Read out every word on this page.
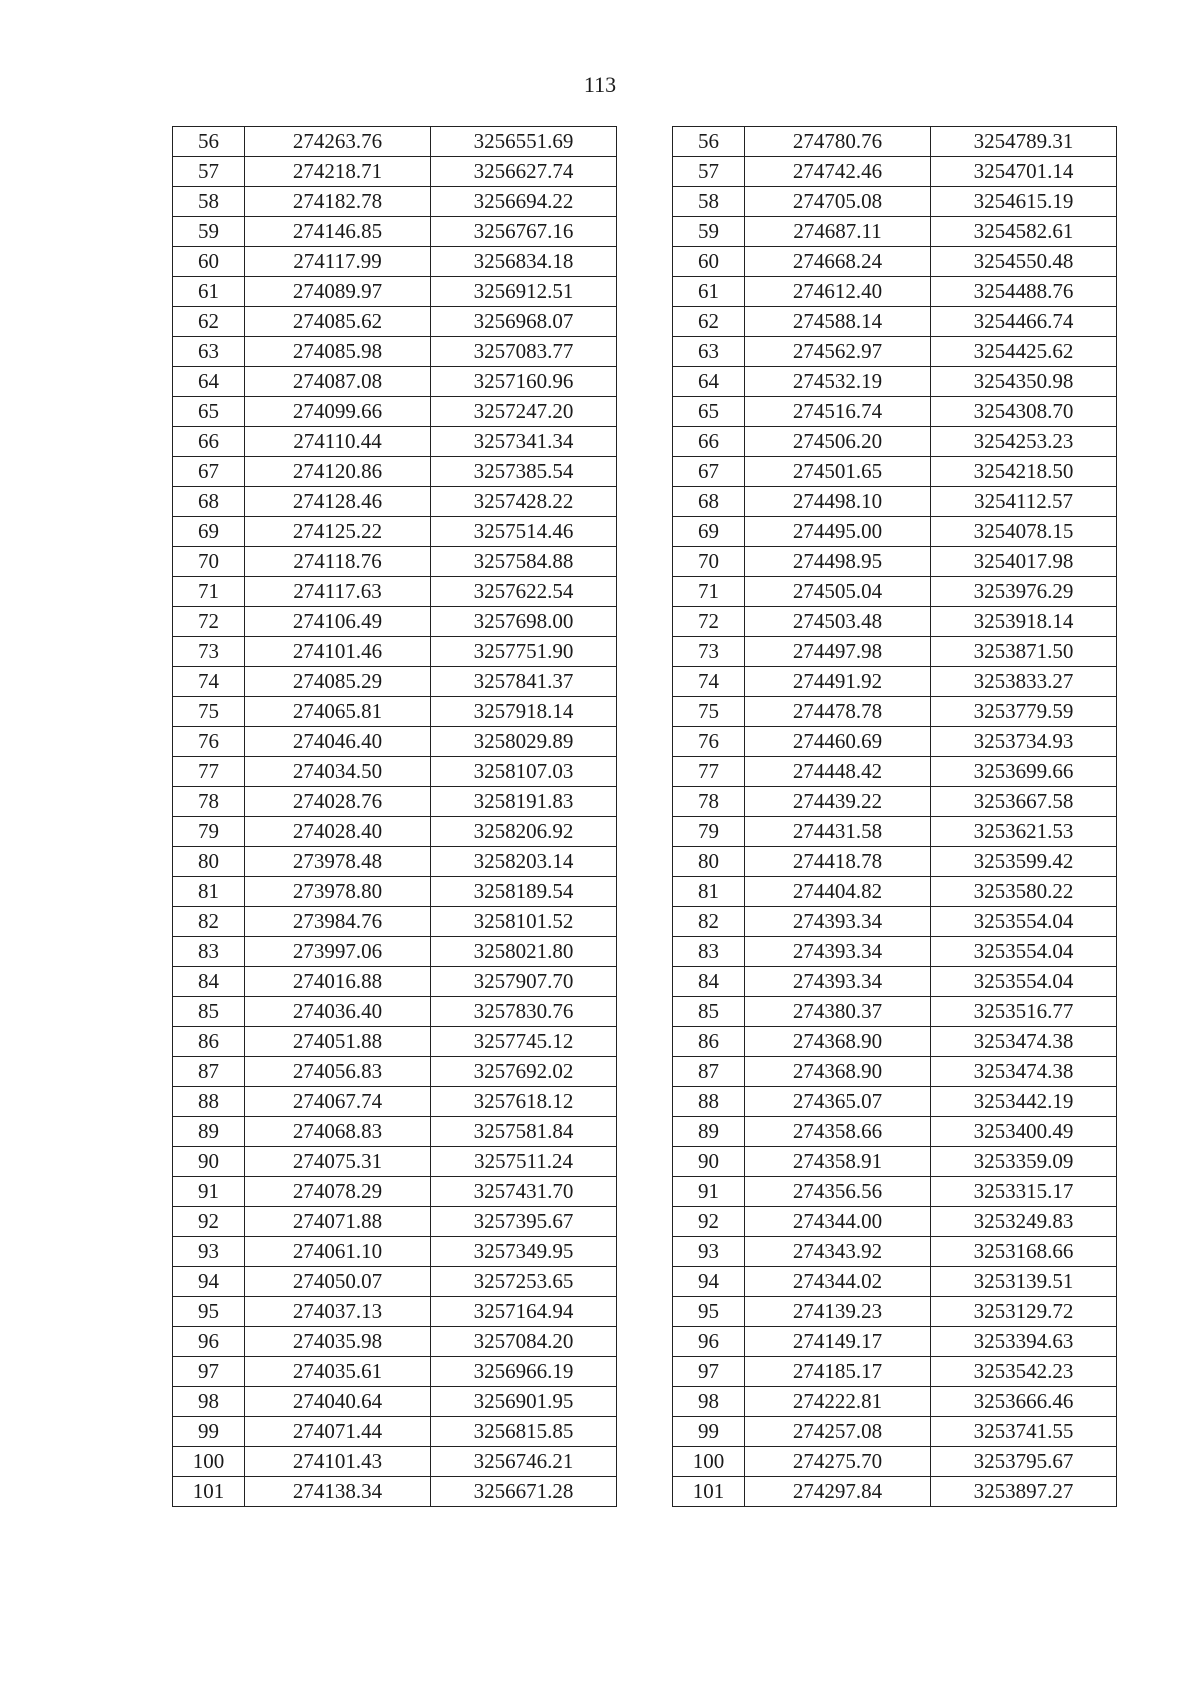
113
56	274263.76	3256551.69		56	274780.76	3254789.31
57	274218.71	3256627.74		57	274742.46	3254701.14
58	274182.78	3256694.22		58	274705.08	3254615.19
59	274146.85	3256767.16		59	274687.11	3254582.61
60	274117.99	3256834.18		60	274668.24	3254550.48
61	274089.97	3256912.51		61	274612.40	3254488.76
62	274085.62	3256968.07		62	274588.14	3254466.74
63	274085.98	3257083.77		63	274562.97	3254425.62
64	274087.08	3257160.96		64	274532.19	3254350.98
65	274099.66	3257247.20		65	274516.74	3254308.70
66	274110.44	3257341.34		66	274506.20	3254253.23
67	274120.86	3257385.54		67	274501.65	3254218.50
68	274128.46	3257428.22		68	274498.10	3254112.57
69	274125.22	3257514.46		69	274495.00	3254078.15
70	274118.76	3257584.88		70	274498.95	3254017.98
71	274117.63	3257622.54		71	274505.04	3253976.29
72	274106.49	3257698.00		72	274503.48	3253918.14
73	274101.46	3257751.90		73	274497.98	3253871.50
74	274085.29	3257841.37		74	274491.92	3253833.27
75	274065.81	3257918.14		75	274478.78	3253779.59
76	274046.40	3258029.89		76	274460.69	3253734.93
77	274034.50	3258107.03		77	274448.42	3253699.66
78	274028.76	3258191.83		78	274439.22	3253667.58
79	274028.40	3258206.92		79	274431.58	3253621.53
80	273978.48	3258203.14		80	274418.78	3253599.42
81	273978.80	3258189.54		81	274404.82	3253580.22
82	273984.76	3258101.52		82	274393.34	3253554.04
83	273997.06	3258021.80		83	274393.34	3253554.04
84	274016.88	3257907.70		84	274393.34	3253554.04
85	274036.40	3257830.76		85	274380.37	3253516.77
86	274051.88	3257745.12		86	274368.90	3253474.38
87	274056.83	3257692.02		87	274368.90	3253474.38
88	274067.74	3257618.12		88	274365.07	3253442.19
89	274068.83	3257581.84		89	274358.66	3253400.49
90	274075.31	3257511.24		90	274358.91	3253359.09
91	274078.29	3257431.70		91	274356.56	3253315.17
92	274071.88	3257395.67		92	274344.00	3253249.83
93	274061.10	3257349.95		93	274343.92	3253168.66
94	274050.07	3257253.65		94	274344.02	3253139.51
95	274037.13	3257164.94		95	274139.23	3253129.72
96	274035.98	3257084.20		96	274149.17	3253394.63
97	274035.61	3256966.19		97	274185.17	3253542.23
98	274040.64	3256901.95		98	274222.81	3253666.46
99	274071.44	3256815.85		99	274257.08	3253741.55
100	274101.43	3256746.21		100	274275.70	3253795.67
101	274138.34	3256671.28		101	274297.84	3253897.27
